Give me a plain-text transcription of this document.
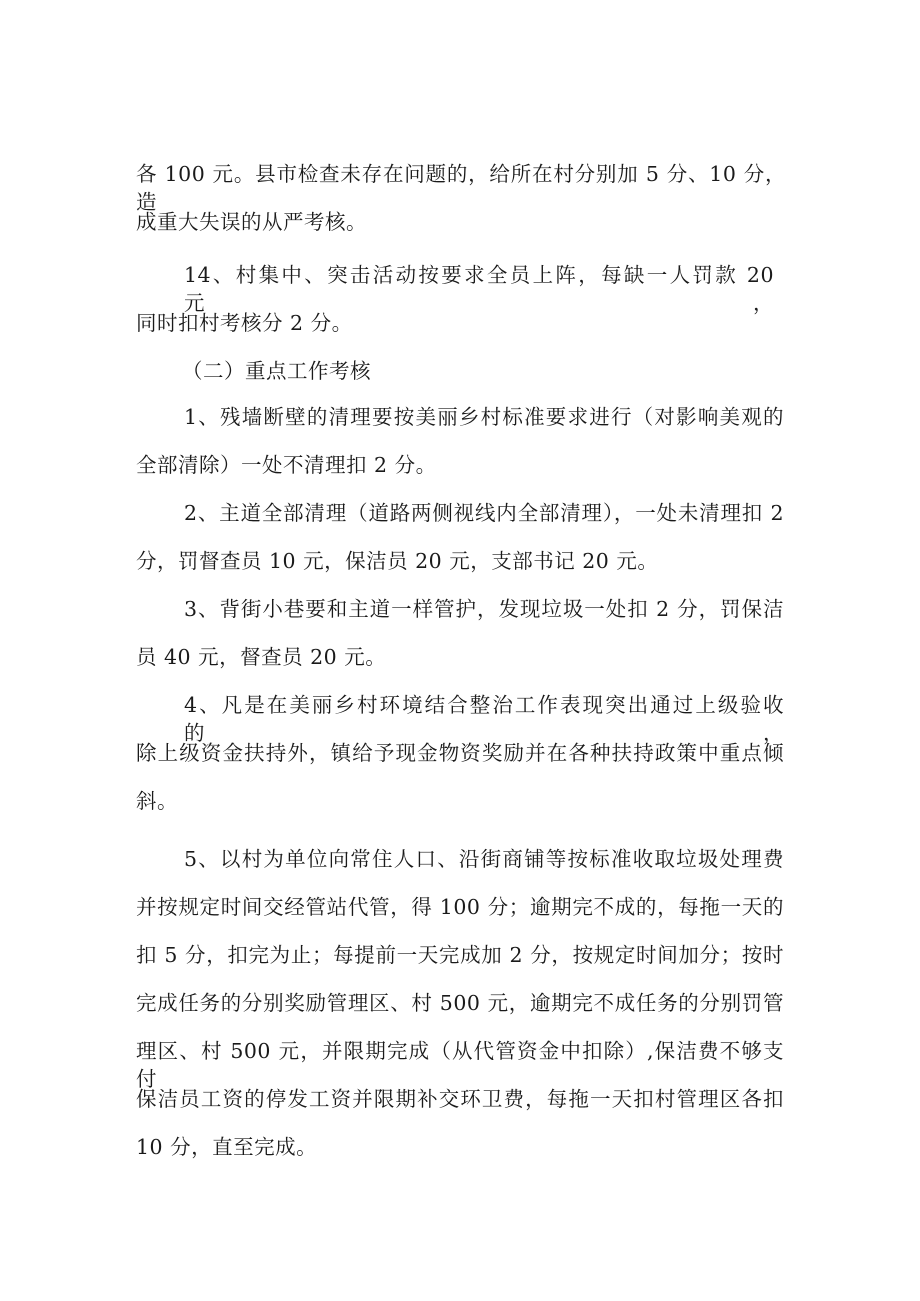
各 100 元。县市检查未存在问题的，给所在村分别加 5 分、10 分，造
成重大失误的从严考核。
14、村集中、突击活动按要求全员上阵，每缺一人罚款 20 元，
同时扣村考核分 2 分。
（二）重点工作考核
1、残墙断壁的清理要按美丽乡村标准要求进行（对影响美观的
全部清除）一处不清理扣 2 分。
2、主道全部清理（道路两侧视线内全部清理），一处未清理扣 2
分，罚督查员 10 元，保洁员 20 元，支部书记 20 元。
3、背街小巷要和主道一样管护，发现垃圾一处扣 2 分，罚保洁
员 40 元，督查员 20 元。
4、凡是在美丽乡村环境结合整治工作表现突出通过上级验收的，
除上级资金扶持外，镇给予现金物资奖励并在各种扶持政策中重点倾
斜。
5、以村为单位向常住人口、沿街商铺等按标准收取垃圾处理费
并按规定时间交经管站代管，得 100 分；逾期完不成的，每拖一天的
扣 5 分，扣完为止；每提前一天完成加 2 分，按规定时间加分；按时
完成任务的分别奖励管理区、村 500 元，逾期完不成任务的分别罚管
理区、村 500 元，并限期完成（从代管资金中扣除）,保洁费不够支付
保洁员工资的停发工资并限期补交环卫费，每拖一天扣村管理区各扣
10 分，直至完成。
